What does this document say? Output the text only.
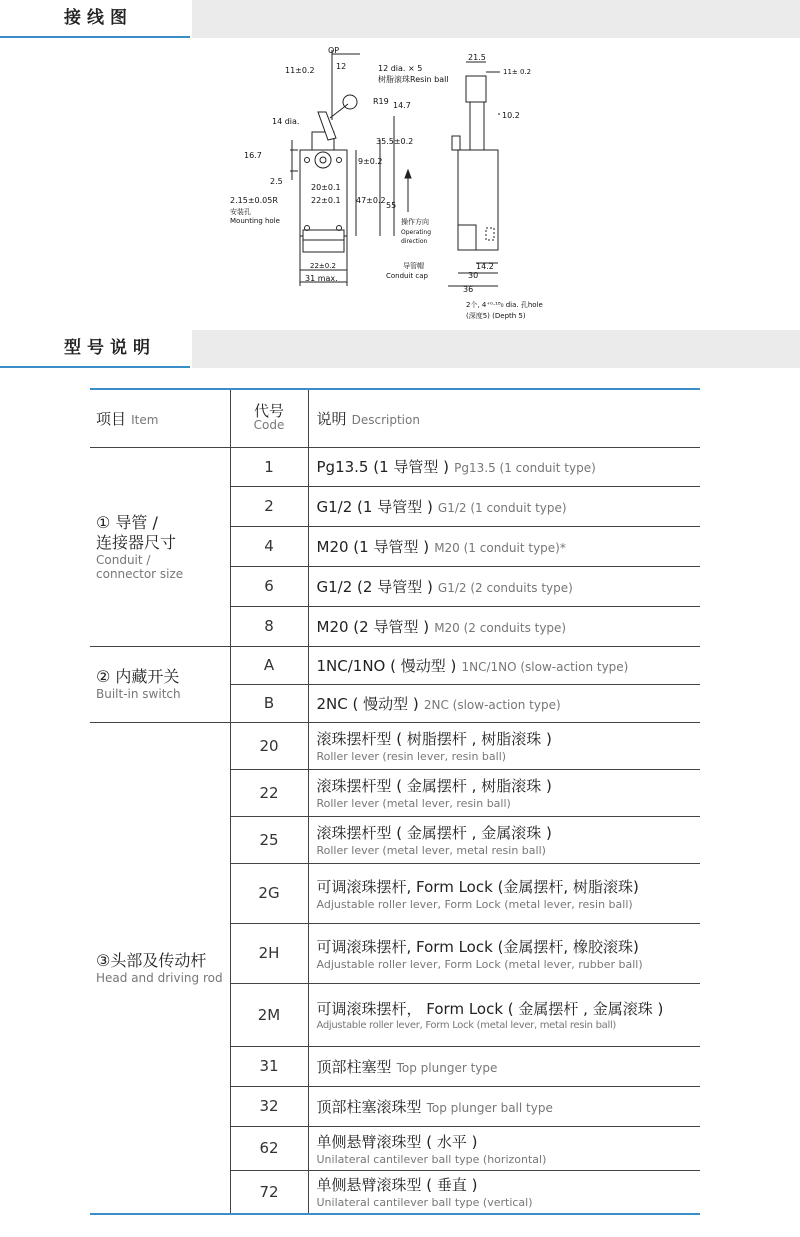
接线图
OP
11±0.2	12	12 dia. × 5
树脂滚珠Resin ball
R19 14.7
14 dia.
35.5±0.2
16.7
9±0.2
2.5
20±0.1
22±0.1 47±0.2
55
2.15±0.05R
安装孔
Mounting hole	操作方向
Operating
direction
22±0.2
31 max.
21.5
11± 0.2
10.2
导管帽
Conduit cap
14.2
30
36
2个, 4⁺⁰·¹⁸₀ dia. 孔hole
(深度5) (Depth 5)
型号说明
项目 Item	代号
Code	说明 Description

① 导管 /
连接器尺寸
Conduit /
connector size	1	Pg13.5 (1 导管型 ) Pg13.5 (1 conduit type)
	2	G1/2 (1 导管型 ) G1/2 (1 conduit type)
	4	M20 (1 导管型 ) M20 (1 conduit type)*
	6	G1/2 (2 导管型 ) G1/2 (2 conduits type)
	8	M20 (2 导管型 ) M20 (2 conduits type)

② 内藏开关
Built-in switch	A	1NC/1NO ( 慢动型 ) 1NC/1NO (slow-action type)
	B	2NC ( 慢动型 ) 2NC (slow-action type)

③头部及传动杆
Head and driving rod	20	滚珠摆杆型 ( 树脂摆杆 , 树脂滚珠 )
Roller lever (resin lever, resin ball)

	22	滚珠摆杆型 ( 金属摆杆 , 树脂滚珠 )
Roller lever (metal lever, resin ball)

	25	滚珠摆杆型 ( 金属摆杆 , 金属滚珠 )
Roller lever (metal lever, metal resin ball)

	2G	可调滚珠摆杆, Form Lock (金属摆杆, 树脂滚珠)
Adjustable roller lever, Form Lock (metal lever, resin ball)

	2H	可调滚珠摆杆, Form Lock (金属摆杆, 橡胶滚珠)
Adjustable roller lever, Form Lock (metal lever, rubber ball)

	2M	可调滚珠摆杆， Form Lock ( 金属摆杆 , 金属滚珠 )
Adjustable roller lever, Form Lock (metal lever, metal resin ball)

	31	顶部柱塞型 Top plunger type
	32	顶部柱塞滚珠型 Top plunger ball type
	62	单侧悬臂滚珠型 ( 水平 )
Unilateral cantilever ball type (horizontal)

	72	单侧悬臂滚珠型 ( 垂直 )
Unilateral cantilever ball type (vertical)
